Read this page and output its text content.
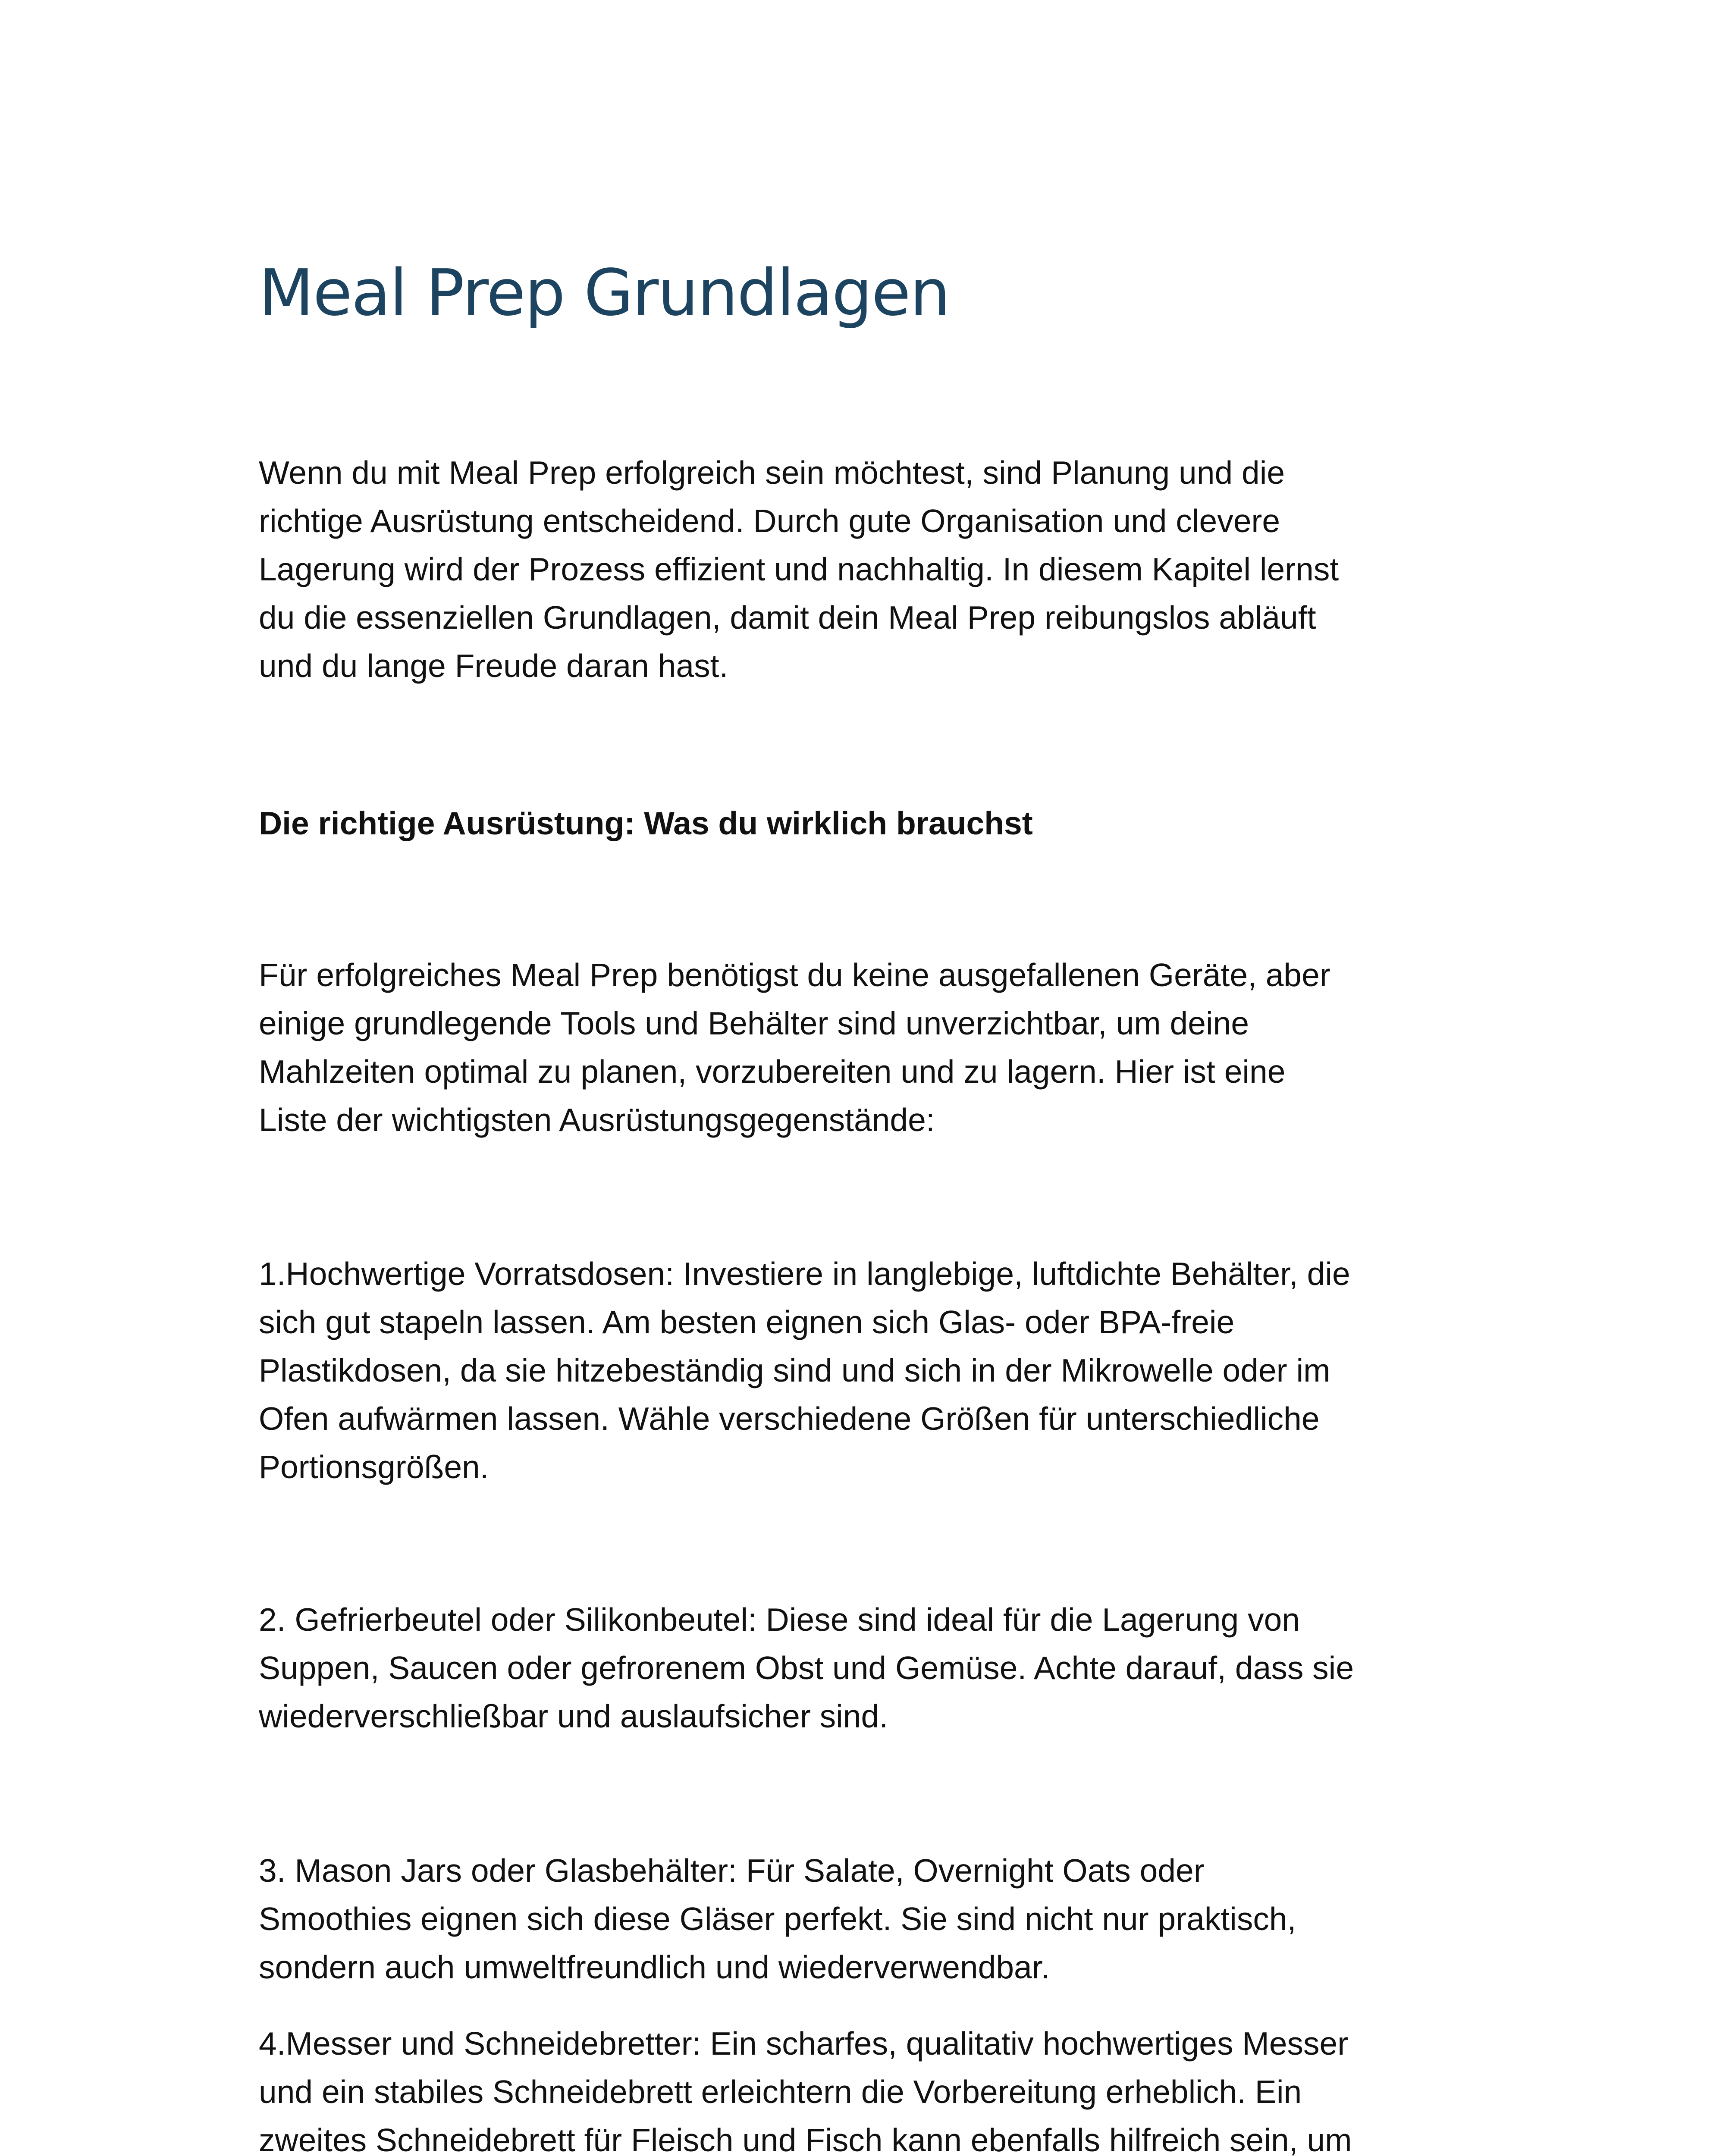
Meal Prep Grundlagen

Wenn du mit Meal Prep erfolgreich sein möchtest, sind Planung und die
richtige Ausrüstung entscheidend. Durch gute Organisation und clevere
Lagerung wird der Prozess effizient und nachhaltig. In diesem Kapitel lernst
du die essenziellen Grundlagen, damit dein Meal Prep reibungslos abläuft
und du lange Freude daran hast.

Die richtige Ausrüstung: Was du wirklich brauchst

Für erfolgreiches Meal Prep benötigst du keine ausgefallenen Geräte, aber
einige grundlegende Tools und Behälter sind unverzichtbar, um deine
Mahlzeiten optimal zu planen, vorzubereiten und zu lagern. Hier ist eine
Liste der wichtigsten Ausrüstungsgegenstände:

1.Hochwertige Vorratsdosen: Investiere in langlebige, luftdichte Behälter, die
sich gut stapeln lassen. Am besten eignen sich Glas- oder BPA-freie
Plastikdosen, da sie hitzebeständig sind und sich in der Mikrowelle oder im
Ofen aufwärmen lassen. Wähle verschiedene Größen für unterschiedliche
Portionsgrößen.

2. Gefrierbeutel oder Silikonbeutel: Diese sind ideal für die Lagerung von
Suppen, Saucen oder gefrorenem Obst und Gemüse. Achte darauf, dass sie
wiederverschließbar und auslaufsicher sind.

3. Mason Jars oder Glasbehälter: Für Salate, Overnight Oats oder
Smoothies eignen sich diese Gläser perfekt. Sie sind nicht nur praktisch,
sondern auch umweltfreundlich und wiederverwendbar.

4.Messer und Schneidebretter: Ein scharfes, qualitativ hochwertiges Messer
und ein stabiles Schneidebrett erleichtern die Vorbereitung erheblich. Ein
zweites Schneidebrett für Fleisch und Fisch kann ebenfalls hilfreich sein, um
